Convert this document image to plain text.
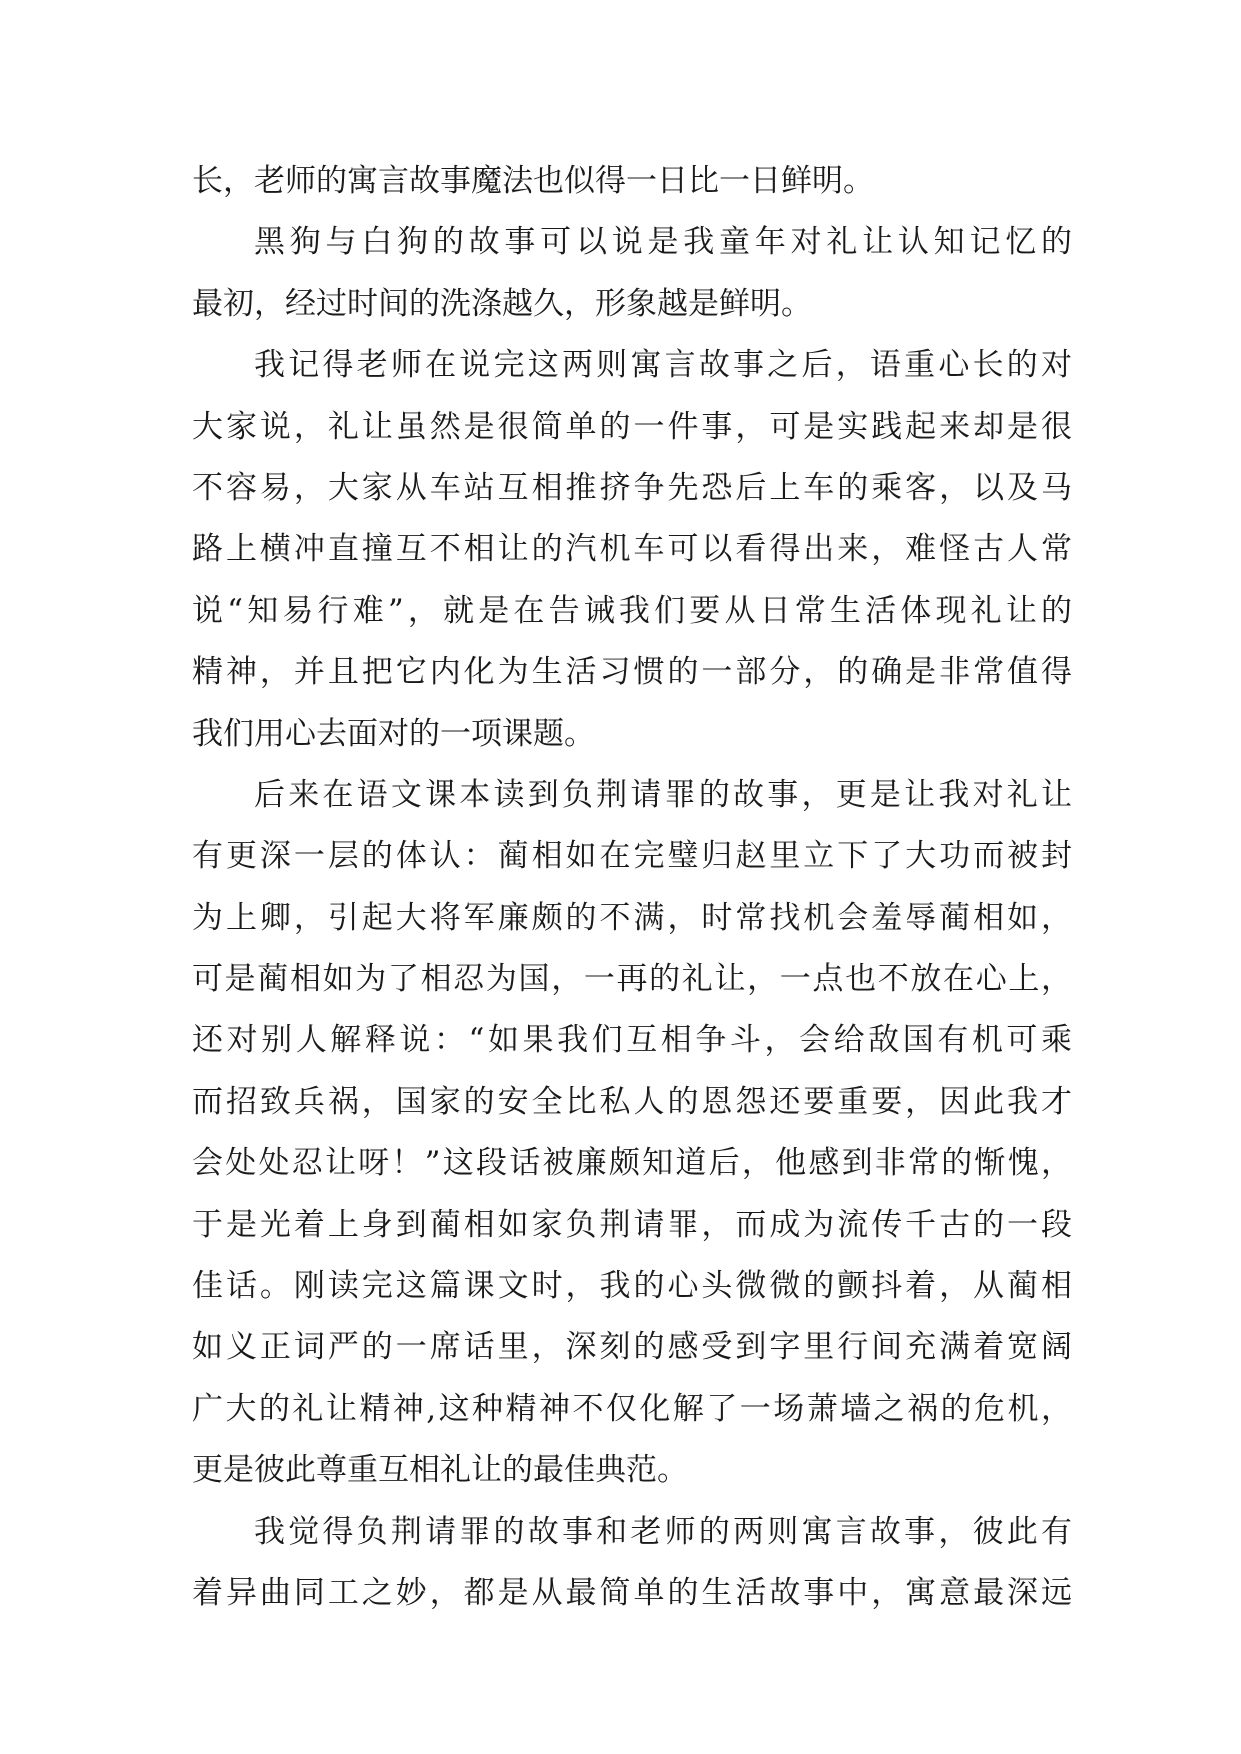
长，老师的寓言故事魔法也似得一日比一日鲜明。
黑狗与白狗的故事可以说是我童年对礼让认知记忆的
最初，经过时间的洗涤越久，形象越是鲜明。
我记得老师在说完这两则寓言故事之后，语重心长的对
大家说，礼让虽然是很简单的一件事，可是实践起来却是很
不容易，大家从车站互相推挤争先恐后上车的乘客，以及马
路上横冲直撞互不相让的汽机车可以看得出来，难怪古人常
说“知易行难”，就是在告诫我们要从日常生活体现礼让的
精神，并且把它内化为生活习惯的一部分，的确是非常值得
我们用心去面对的一项课题。
后来在语文课本读到负荆请罪的故事，更是让我对礼让
有更深一层的体认：蔺相如在完璧归赵里立下了大功而被封
为上卿，引起大将军廉颇的不满，时常找机会羞辱蔺相如，
可是蔺相如为了相忍为国，一再的礼让，一点也不放在心上，
还对别人解释说：“如果我们互相争斗，会给敌国有机可乘
而招致兵祸，国家的安全比私人的恩怨还要重要，因此我才
会处处忍让呀！”这段话被廉颇知道后，他感到非常的惭愧，
于是光着上身到蔺相如家负荆请罪，而成为流传千古的一段
佳话。刚读完这篇课文时，我的心头微微的颤抖着，从蔺相
如义正词严的一席话里，深刻的感受到字里行间充满着宽阔
广大的礼让精神,这种精神不仅化解了一场萧墙之祸的危机，
更是彼此尊重互相礼让的最佳典范。
我觉得负荆请罪的故事和老师的两则寓言故事，彼此有
着异曲同工之妙，都是从最简单的生活故事中，寓意最深远
